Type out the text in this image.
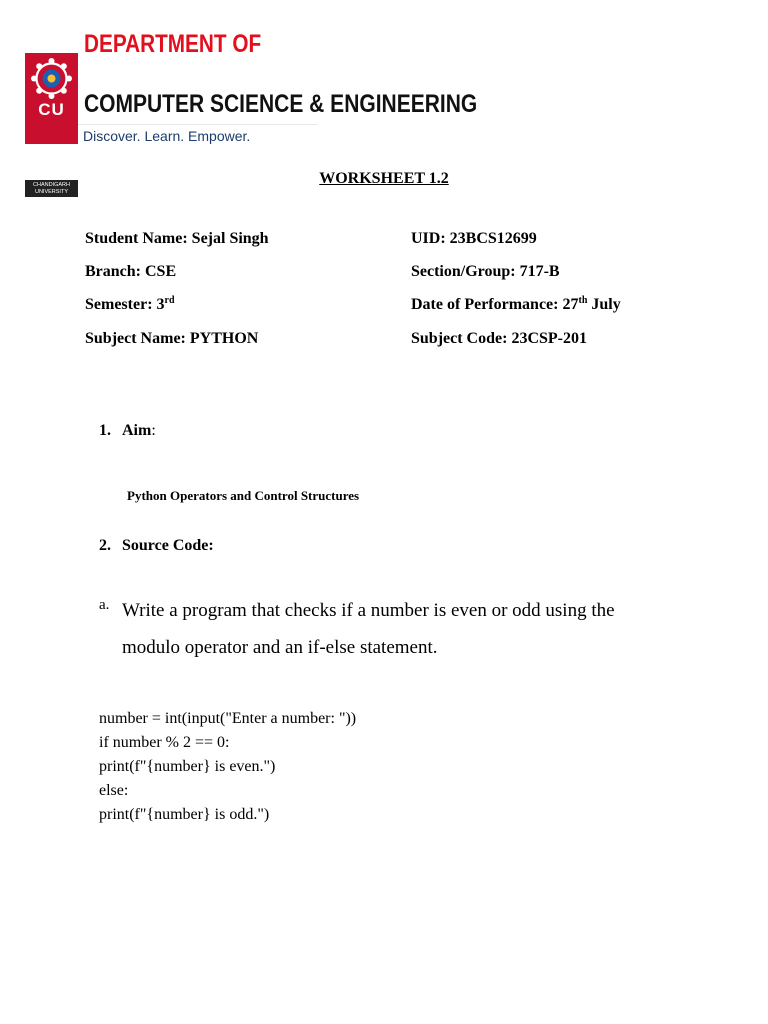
CU
CHANDIGARH
UNIVERSITY
DEPARTMENT OF
COMPUTER SCIENCE & ENGINEERING
Discover. Learn. Empower.
WORKSHEET 1.2
Student Name: Sejal Singh	UID: 23BCS12699
Branch: CSE	Section/Group: 717-B
Semester: 3rd	Date of Performance: 27th July
Subject Name: PYTHON	Subject Code: 23CSP-201
1. Aim:
Python Operators and Control Structures
2. Source Code:
a. Write a program that checks if a number is even or odd using the
modulo operator and an if-else statement.
number = int(input("Enter a number: "))
if number % 2 == 0:
print(f"{number} is even.")
else:
print(f"{number} is odd.")
